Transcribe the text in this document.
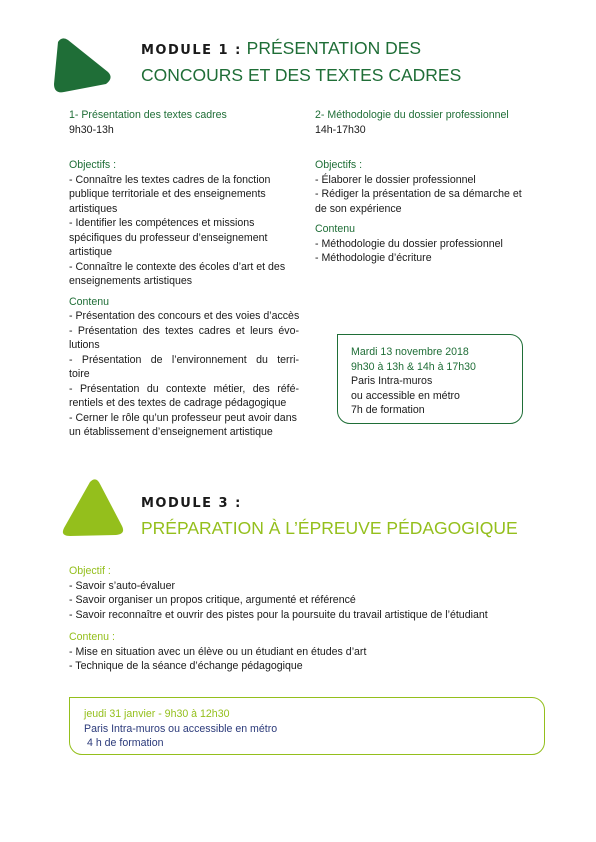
MODULE 1 : PRÉSENTATION DES
CONCOURS ET DES TEXTES CADRES
1- Présentation des textes cadres
9h30-13h
Objectifs :
- Connaître les textes cadres de la fonction
publique territoriale et des enseignements
artistiques
- Identifier les compétences et missions
spécifiques du professeur d’enseignement
artistique
- Connaître le contexte des écoles d’art et des
enseignements artistiques
Contenu
- Présentation des concours et des voies d’accès
- Présentation des textes cadres et leurs évo-
lutions
- Présentation de l’environnement du terri-
toire
- Présentation du contexte métier, des réfé-
rentiels et des textes de cadrage pédagogique
- Cerner le rôle qu’un professeur peut avoir dans
un établissement d’enseignement artistique
2- Méthodologie du dossier professionnel
14h-17h30
Objectifs :
- Élaborer le dossier professionnel
- Rédiger la présentation de sa démarche et
de son expérience
Contenu
- Méthodologie du dossier professionnel
- Méthodologie d’écriture
Mardi 13 novembre 2018
9h30 à 13h & 14h à 17h30
Paris Intra-muros
ou accessible en métro
7h de formation
MODULE 3 :
PRÉPARATION À L’ÉPREUVE PÉDAGOGIQUE
Objectif :
- Savoir s’auto-évaluer
- Savoir organiser un propos critique, argumenté et référencé
- Savoir reconnaître et ouvrir des pistes pour la poursuite du travail artistique de l’étudiant
Contenu :
- Mise en situation avec un élève ou un étudiant en études d’art
- Technique de la séance d’échange pédagogique
jeudi 31 janvier - 9h30 à 12h30
Paris Intra-muros ou accessible en métro
4 h de formation
